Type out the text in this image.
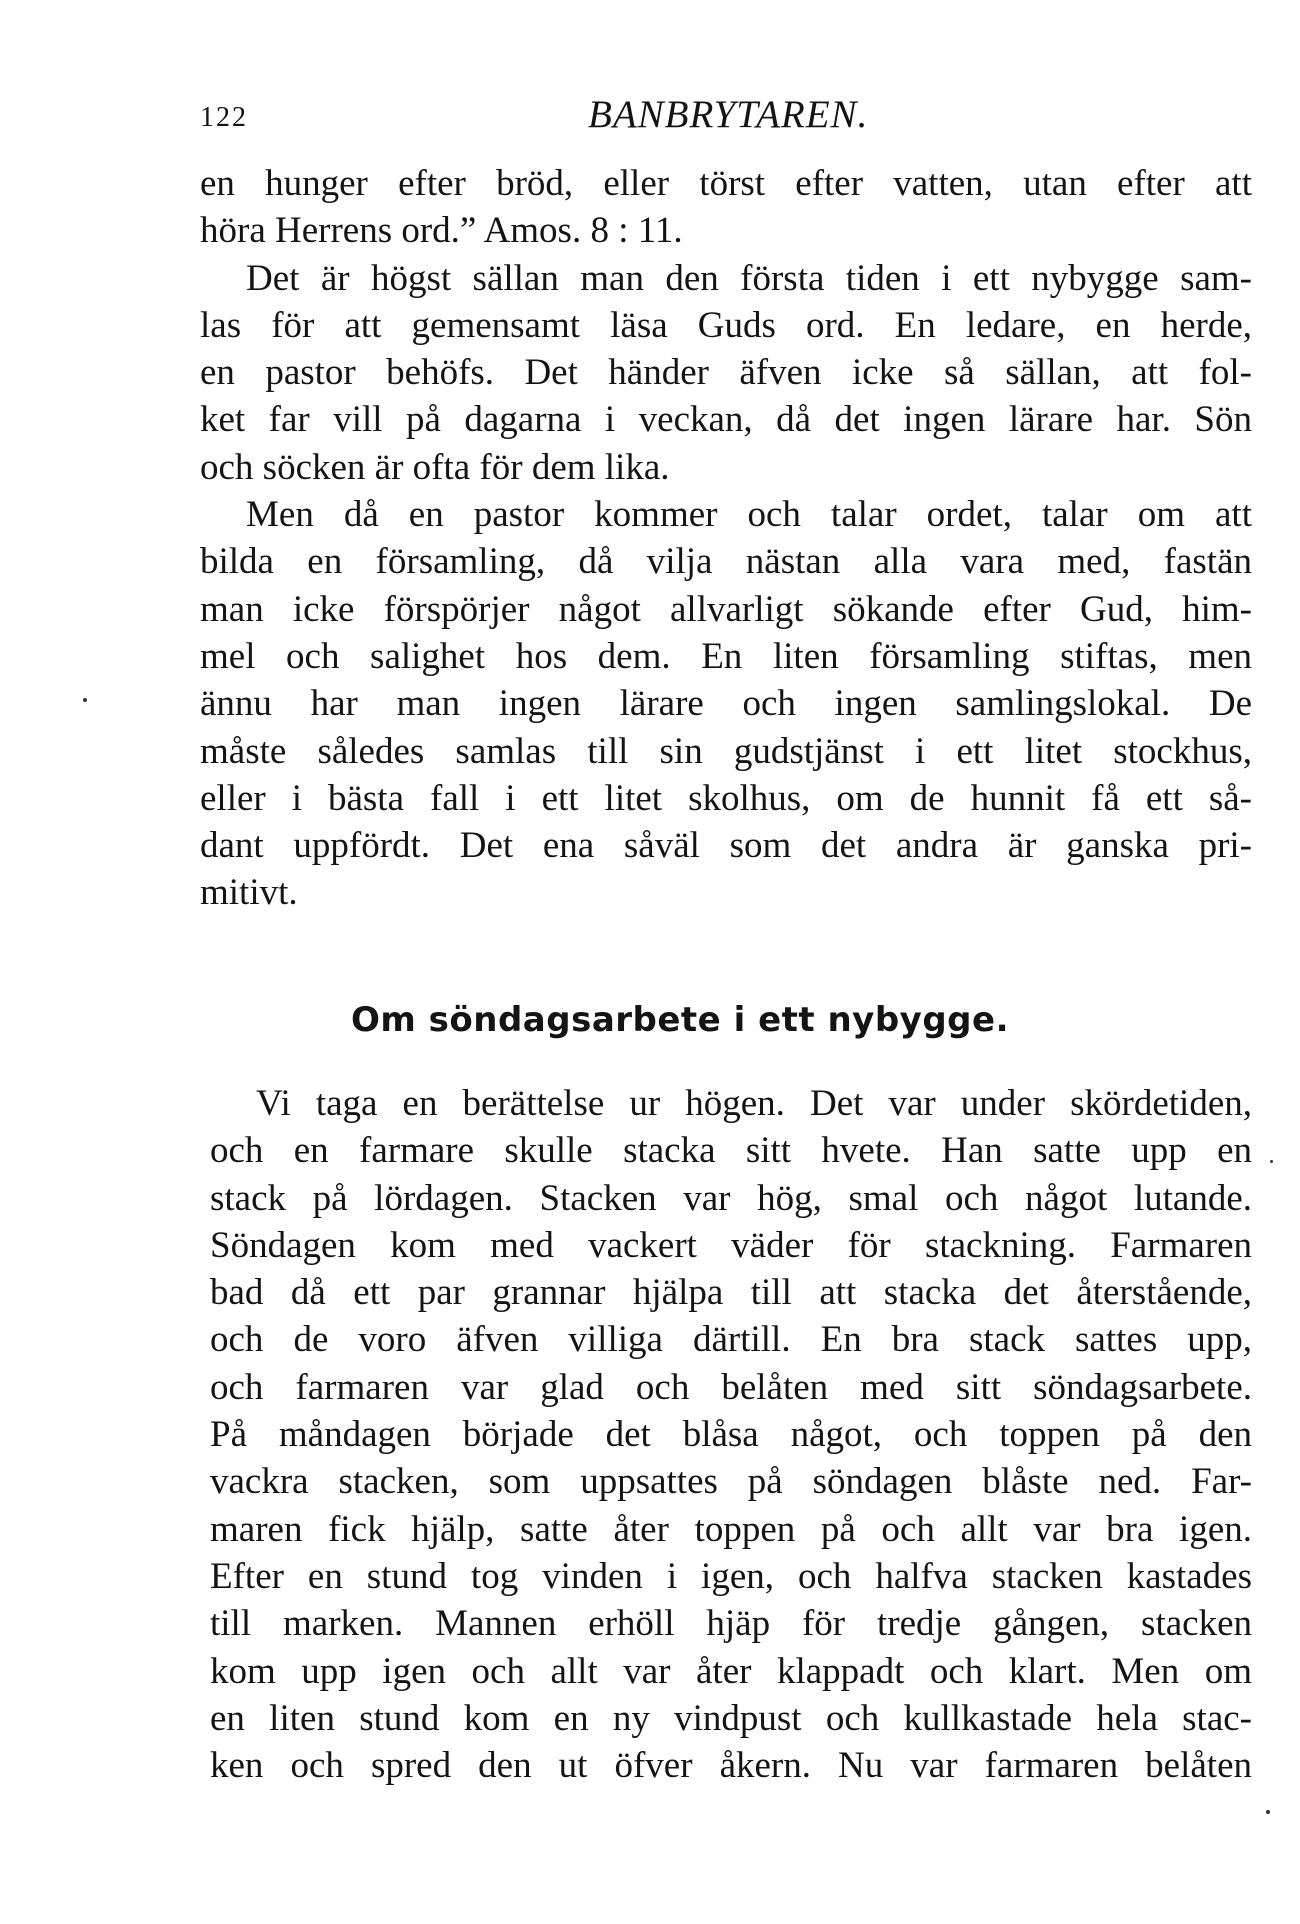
122	BANBRYTAREN.
en hunger efter bröd, eller törst efter vatten, utan efter att
höra Herrens ord.” Amos. 8 : 11.
Det är högst sällan man den första tiden i ett nybygge sam-
las för att gemensamt läsa Guds ord. En ledare, en herde,
en pastor behöfs. Det händer äfven icke så sällan, att fol-
ket far vill på dagarna i veckan, då det ingen lärare har. Sön
och söcken är ofta för dem lika.
Men då en pastor kommer och talar ordet, talar om att
bilda en församling, då vilja nästan alla vara med, fastän
man icke förspörjer något allvarligt sökande efter Gud, him-
mel och salighet hos dem. En liten församling stiftas, men
ännu har man ingen lärare och ingen samlingslokal. De
måste således samlas till sin gudstjänst i ett litet stockhus,
eller i bästa fall i ett litet skolhus, om de hunnit få ett så-
dant uppfördt. Det ena såväl som det andra är ganska pri-
mitivt.
Om söndagsarbete i ett nybygge.
Vi taga en berättelse ur högen. Det var under skördetiden,
och en farmare skulle stacka sitt hvete. Han satte upp en
stack på lördagen. Stacken var hög, smal och något lutande.
Söndagen kom med vackert väder för stackning. Farmaren
bad då ett par grannar hjälpa till att stacka det återstående,
och de voro äfven villiga därtill. En bra stack sattes upp,
och farmaren var glad och belåten med sitt söndagsarbete.
På måndagen började det blåsa något, och toppen på den
vackra stacken, som uppsattes på söndagen blåste ned. Far-
maren fick hjälp, satte åter toppen på och allt var bra igen.
Efter en stund tog vinden i igen, och halfva stacken kastades
till marken. Mannen erhöll hjäp för tredje gången, stacken
kom upp igen och allt var åter klappadt och klart. Men om
en liten stund kom en ny vindpust och kullkastade hela stac-
ken och spred den ut öfver åkern. Nu var farmaren belåten
